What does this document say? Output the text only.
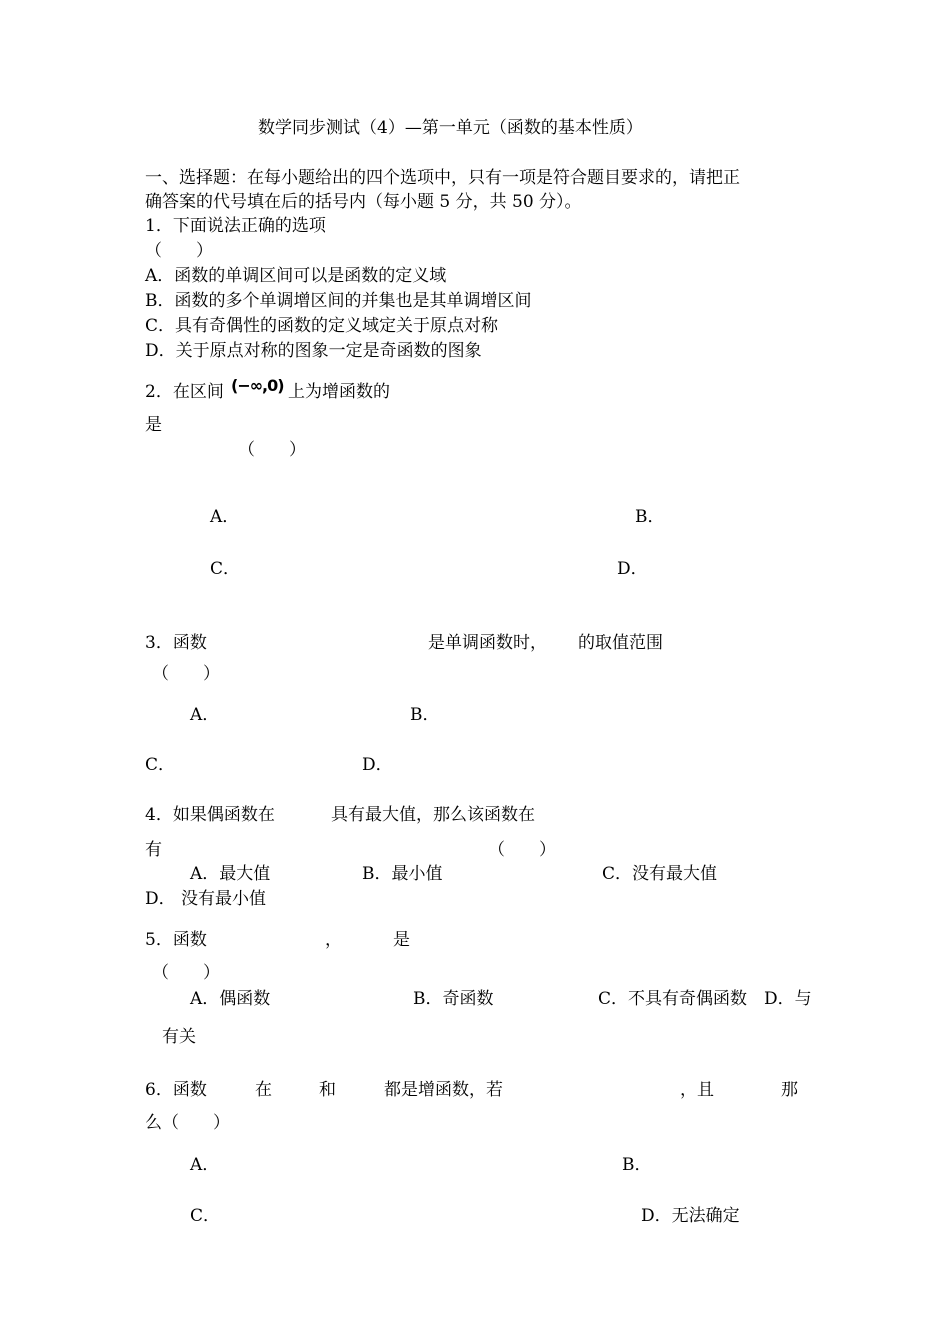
数学同步测试（4）—第一单元（函数的基本性质）
一、选择题：在每小题给出的四个选项中，只有一项是符合题目要求的，请把正
确答案的代号填在后的括号内（每小题 5 分，共 50 分）。
1．下面说法正确的选项
（　　）
A．函数的单调区间可以是函数的定义域
B．函数的多个单调增区间的并集也是其单调增区间
C．具有奇偶性的函数的定义域定关于原点对称
D．关于原点对称的图象一定是奇函数的图象
2．在区间 (−∞,0) 上为增函数的
是
（　　）
A．	B．
C．	D．
3．函数	是单调函数时， 的取值范围
（　　）
A．	B．
C．	D．
4．如果偶函数在	具有最大值，那么该函数在
有	（　　）
A．最大值	B．最小值	C．没有最大值
D． 没有最小值
5．函数	，	是
（　　）
A．偶函数	B．奇函数	C．不具有奇偶函数 D．与
有关
6．函数	在	和	都是增函数，若	，且	那
么（　　）
A．	B．
C．	D．无法确定
